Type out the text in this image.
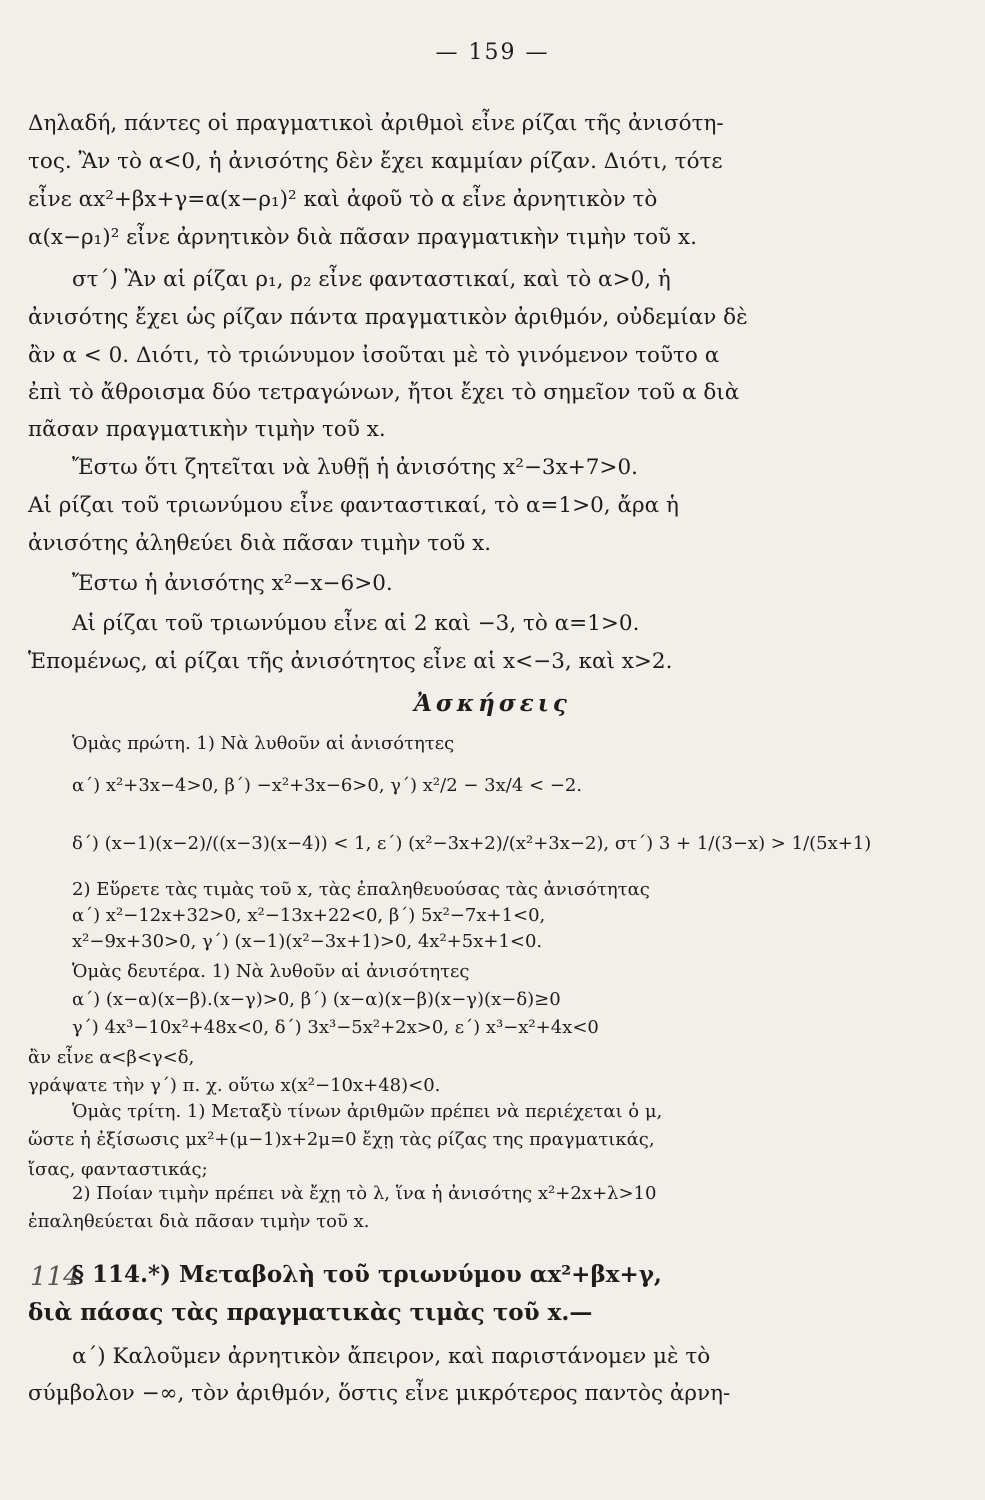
— 159 —
Δηλαδή, πάντες οἱ πραγματικοὶ ἀριθμοὶ εἶνε ρίζαι τῆς ἀνισότη-
τος. Ἂν τὸ α<0, ἡ ἀνισότης δὲν ἔχει καμμίαν ρίζαν. Διότι, τότε
εἶνε αx²+βx+γ=α(x−ρ₁)² καὶ ἀφοῦ τὸ α εἶνε ἀρνητικὸν τὸ
α(x−ρ₁)² εἶνε ἀρνητικὸν διὰ πᾶσαν πραγματικὴν τιμὴν τοῦ x.
στ΄) Ἂν αἱ ρίζαι ρ₁, ρ₂ εἶνε φανταστικαί, καὶ τὸ α>0, ἡ
ἀνισότης ἔχει ὡς ρίζαν πάντα πραγματικὸν ἀριθμόν, οὐδεμίαν δὲ
ἂν α < 0. Διότι, τὸ τριώνυμον ἰσοῦται μὲ τὸ γινόμενον τοῦτο α
ἐπὶ τὸ ἄθροισμα δύο τετραγώνων, ἤτοι ἔχει τὸ σημεῖον τοῦ α διὰ
πᾶσαν πραγματικὴν τιμὴν τοῦ x.
Ἔστω ὅτι ζητεῖται νὰ λυθῇ ἡ ἀνισότης x²−3x+7>0.
Αἱ ρίζαι τοῦ τριωνύμου εἶνε φανταστικαί, τὸ α=1>0, ἄρα ἡ
ἀνισότης ἀληθεύει διὰ πᾶσαν τιμὴν τοῦ x.
Ἔστω ἡ ἀνισότης x²−x−6>0.
Αἱ ρίζαι τοῦ τριωνύμου εἶνε αἱ 2 καὶ −3, τὸ α=1>0.
Ἑπομένως, αἱ ρίζαι τῆς ἀνισότητος εἶνε αἱ x<−3, καὶ x>2.
Ἀσκήσεις
Ὁμὰς πρώτη. 1) Νὰ λυθοῦν αἱ ἀνισότητες
α΄) x²+3x−4>0, β΄) −x²+3x−6>0, γ΄) x²/2 − 3x/4 < −2.
δ΄) (x−1)(x−2)/((x−3)(x−4)) < 1, ε΄) (x²−3x+2)/(x²+3x−2), στ΄) 3 + 1/(3−x) > 1/(5x+1)
2) Εὕρετε τὰς τιμὰς τοῦ x, τὰς ἐπαληθευούσας τὰς ἀνισότητας
α΄) x²−12x+32>0, x²−13x+22<0, β΄) 5x²−7x+1<0,
x²−9x+30>0, γ΄) (x−1)(x²−3x+1)>0, 4x²+5x+1<0.
Ὁμὰς δευτέρα. 1) Νὰ λυθοῦν αἱ ἀνισότητες
α΄) (x−α)(x−β).(x−γ)>0, β΄) (x−α)(x−β)(x−γ)(x−δ)≥0
γ΄) 4x³−10x²+48x<0, δ΄) 3x³−5x²+2x>0, ε΄) x³−x²+4x<0
ἂν εἶνε α<β<γ<δ,
γράψατε τὴν γ΄) π. χ. οὕτω x(x²−10x+48)<0.
Ὁμὰς τρίτη. 1) Μεταξὺ τίνων ἀριθμῶν πρέπει νὰ περιέχεται ὁ μ,
ὥστε ἡ ἐξίσωσις μx²+(μ−1)x+2μ=0 ἔχῃ τὰς ρίζας της πραγματικάς,
ἴσας, φανταστικάς;
2) Ποίαν τιμὴν πρέπει νὰ ἔχῃ τὸ λ, ἵνα ἡ ἀνισότης x²+2x+λ>10
ἐπαληθεύεται διὰ πᾶσαν τιμὴν τοῦ x.
114
§ 114.*) Μεταβολὴ τοῦ τριωνύμου αx²+βx+γ,
διὰ πάσας τὰς πραγματικὰς τιμὰς τοῦ x.—
α΄) Καλοῦμεν ἀρνητικὸν ἄπειρον, καὶ παριστάνομεν μὲ τὸ
σύμβολον −∞, τὸν ἀριθμόν, ὅστις εἶνε μικρότερος παντὸς ἀρνη-
